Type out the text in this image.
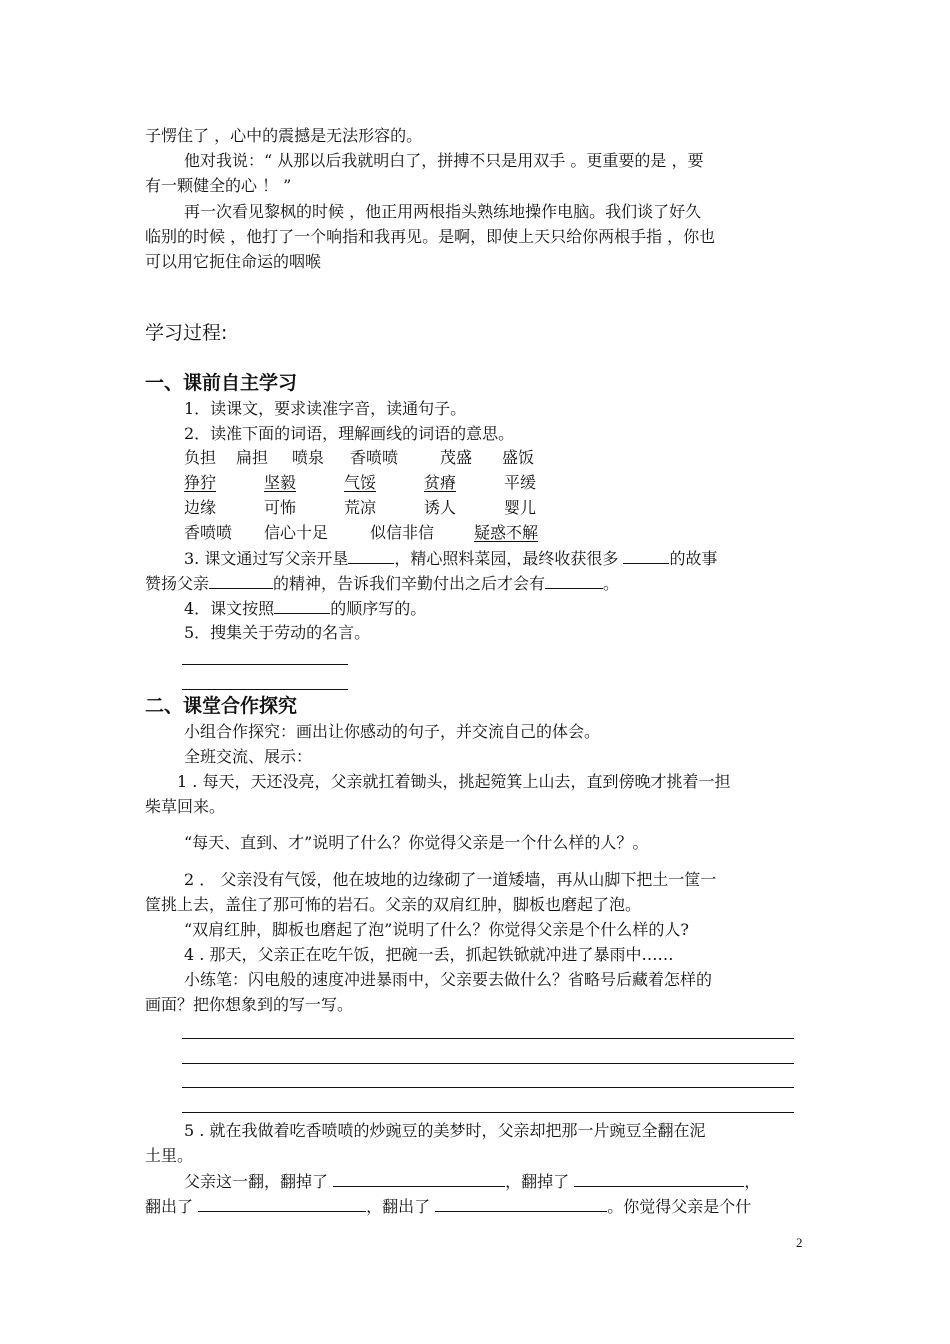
子愣住了 ，心中的震撼是无法形容的。
他对我说：“ 从那以后我就明白了，拼搏不只是用双手 。更重要的是 ，要
有一颗健全的心 ！ ”
再一次看见黎枫的时候 ，他正用两根指头熟练地操作电脑。我们谈了好久
临别的时候 ，他打了一个响指和我再见。是啊，即使上天只给你两根手指 ，你也
可以用它扼住命运的咽喉
学习过程:
一、课前自主学习
1．读课文，要求读准字音，读通句子。
2．读准下面的词语，理解画线的词语的意思。
负担 扁担 喷泉 香喷喷	茂盛 盛饭
狰狞	坚毅	气馁	贫瘠	平缓
边缘	可怖	荒凉	诱人	婴儿
香喷喷 信心十足	似信非信 疑惑不解
3. 课文通过写父亲开垦	，精心照料菜园，最终收获很多	的故事
赞扬父亲	的精神，告诉我们辛勤付出之后才会有	。
4．课文按照	的顺序写的。
5．搜集关于劳动的名言。
二、课堂合作探究
小组合作探究：画出让你感动的句子，并交流自己的体会。
全班交流、展示：
1 . 每天，天还没亮，父亲就扛着锄头，挑起箢箕上山去，直到傍晚才挑着一担
柴草回来。
“每天、直到、才”说明了什么？你觉得父亲是一个什么样的人？。
2 ． 父亲没有气馁，他在坡地的边缘砌了一道矮墙，再从山脚下把土一筐一
筐挑上去，盖住了那可怖的岩石。父亲的双肩红肿，脚板也磨起了泡。
“双肩红肿，脚板也磨起了泡”说明了什么？你觉得父亲是个什么样的人?
4 . 那天，父亲正在吃午饭，把碗一丢，抓起铁锨就冲进了暴雨中……
小练笔：闪电般的速度冲进暴雨中，父亲要去做什么？省略号后藏着怎样的
画面？把你想象到的写一写。
5 . 就在我做着吃香喷喷的炒豌豆的美梦时，父亲却把那一片豌豆全翻在泥
土里。
父亲这一翻，翻掉了	，翻掉了	，
翻出了	，翻出了	。你觉得父亲是个什
2
